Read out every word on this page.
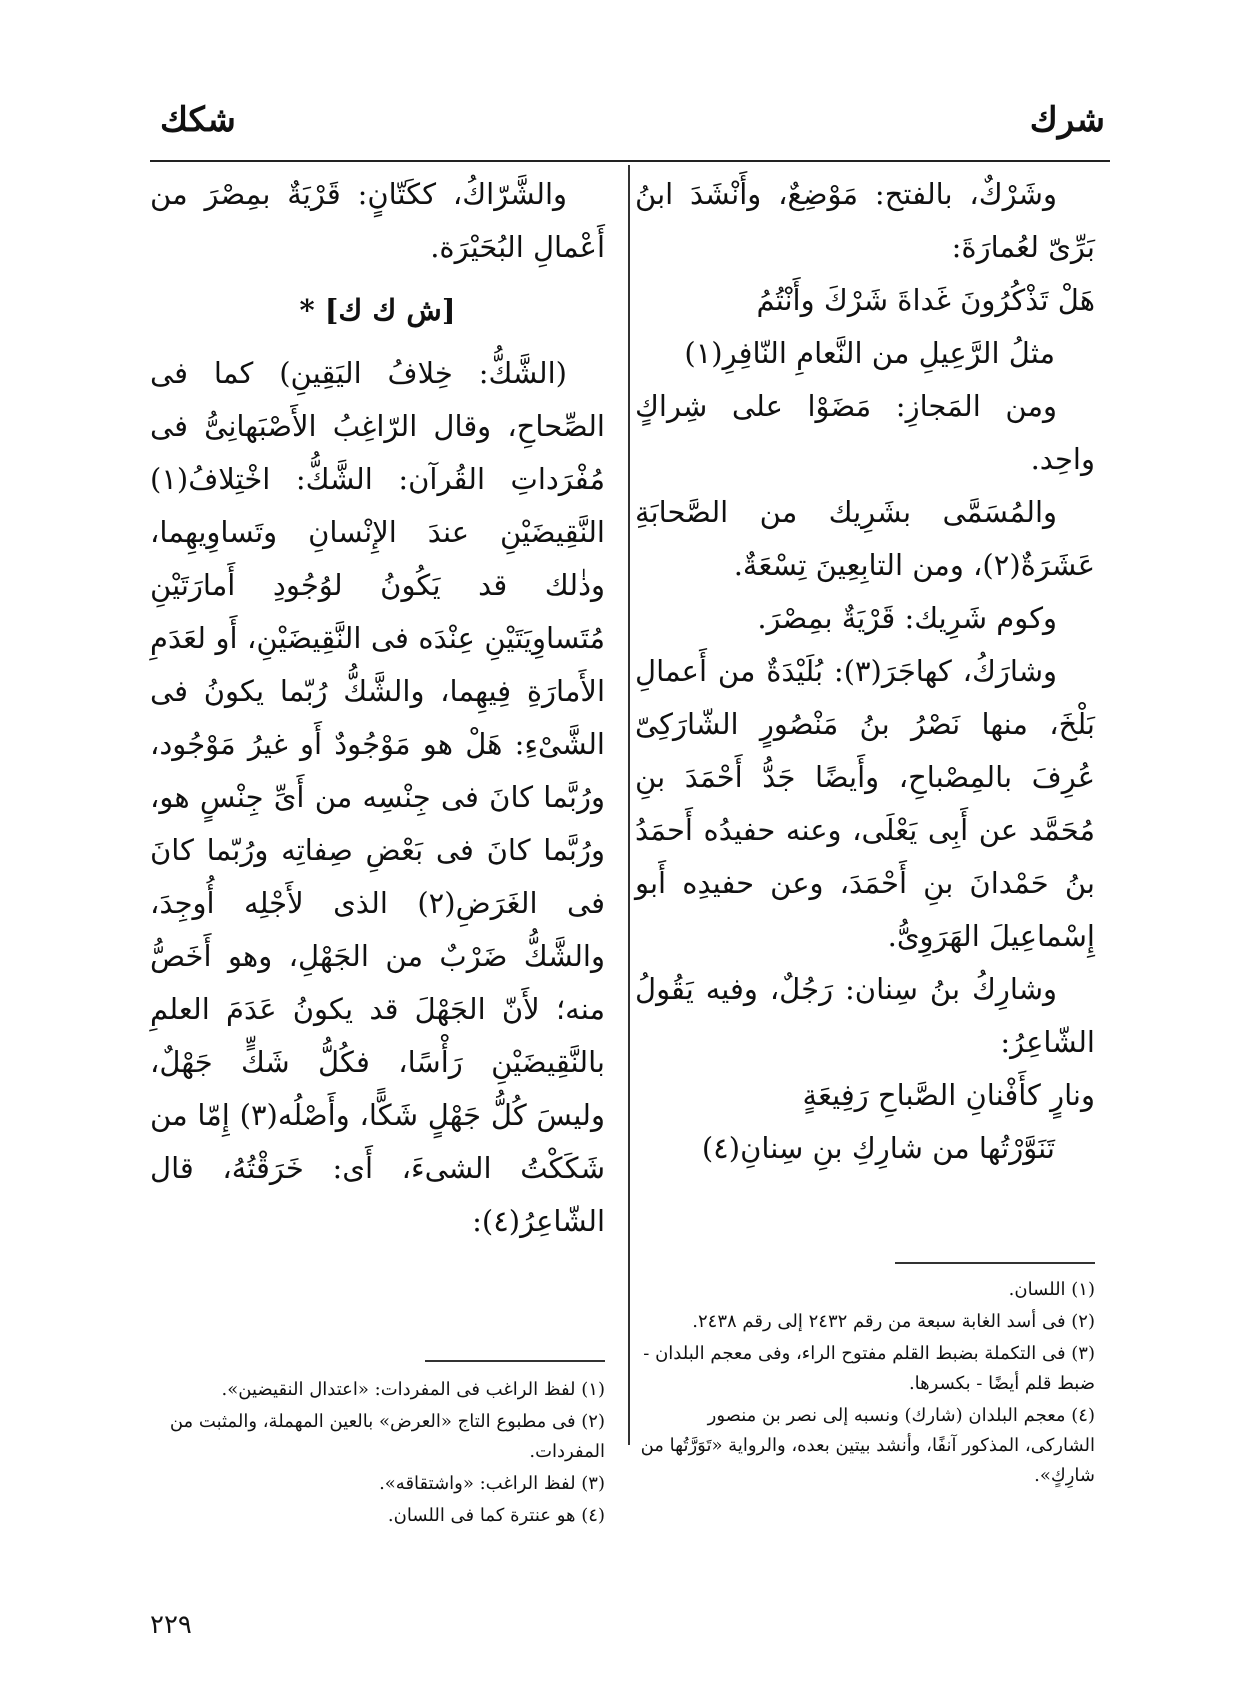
شرك
شكك

وشَرْكٌ، بالفتح: مَوْضِعٌ، وأَنْشَدَ ابنُ بَرِّىّ لعُمارَةَ:

هَلْ تَذْكُرُونَ غَداةَ شَرْكَ وأَنْتُمُ

مثلُ الرَّعِيلِ من النَّعامِ النّافِرِ(١)

ومن المَجازِ: مَضَوْا على شِراكٍ واحِد.

والمُسَمَّى بشَرِيك من الصَّحابَةِ عَشَرَةٌ(٢)، ومن التابِعِينَ تِسْعَةٌ.

وكوم شَرِيك: قَرْيَةٌ بمِصْرَ.

وشارَكُ، كهاجَرَ(٣): بُلَيْدَةٌ من أَعمالِ بَلْخَ، منها نَصْرُ بنُ مَنْصُورٍ الشّارَكِىّ عُرِفَ بالمِصْباحِ، وأَيضًا جَدُّ أَحْمَدَ بنِ مُحَمَّد عن أَبِى يَعْلَى، وعنه حفيدُه أَحمَدُ بنُ حَمْدانَ بنِ أَحْمَدَ، وعن حفيدِه أَبو إِسْماعِيلَ الهَرَوِىُّ.

وشارِكُ بنُ سِنان: رَجُلٌ، وفيه يَقُولُ الشّاعِرُ:

ونارٍ كأَفْنانِ الصَّباحِ رَفِيعَةٍ

تَنَوَّرْتُها من شارِكِ بنِ سِنانِ(٤)

والشَّرّاكُ، ككَتّانٍ: قَرْيَةٌ بمِصْرَ من أَعْمالِ البُحَيْرَة.

[ش ك ك] *

(الشَّكُّ: خِلافُ اليَقِينِ) كما فى الصِّحاحِ، وقال الرّاغِبُ الأَصْبَهانِىُّ فى مُفْرَداتِ القُرآن: الشَّكُّ: اخْتِلافُ(١) النَّقِيضَيْنِ عندَ الإِنْسانِ وتَساوِيهِما، وذٰلك قد يَكُونُ لوُجُودِ أَمارَتَيْنِ مُتَساوِيَتَيْنِ عِنْدَه فى النَّقِيضَيْنِ، أَو لعَدَمِ الأَمارَةِ فِيهِما، والشَّكُّ رُبّما يكونُ فى الشَّىْءِ: هَلْ هو مَوْجُودٌ أَو غيرُ مَوْجُود، ورُبَّما كانَ فى جِنْسِه من أَىِّ جِنْسٍ هو، ورُبَّما كانَ فى بَعْضِ صِفاتِه ورُبّما كانَ فى الغَرَضِ(٢) الذى لأَجْلِه أُوجِدَ، والشَّكُّ ضَرْبٌ من الجَهْلِ، وهو أَخَصُّ منه؛ لأَنّ الجَهْلَ قد يكونُ عَدَمَ العلمِ بالنَّقِيضَيْنِ رَأْسًا، فكُلُّ شَكٍّ جَهْلٌ، وليسَ كُلُّ جَهْلٍ شَكًّا، وأَصْلُه(٣) إِمّا من شَكَكْتُ الشىءَ، أَى: خَرَقْتُهُ، قال الشّاعِرُ(٤):

(١) اللسان.

(٢) فى أسد الغابة سبعة من رقم ٢٤٣٢ إلى رقم ٢٤٣٨.

(٣) فى التكملة بضبط القلم مفتوح الراء، وفى معجم البلدان - ضبط قلم أيضًا - بكسرها.

(٤) معجم البلدان (شارك) ونسبه إلى نصر بن منصور الشاركى، المذكور آنفًا، وأنشد بيتين بعده، والرواية «تَوَرَّتُها من شارِكٍ».

(١) لفظ الراغب فى المفردات: «اعتدال النقيضين».

(٢) فى مطبوع التاج «العرض» بالعين المهملة، والمثبت من المفردات.

(٣) لفظ الراغب: «واشتقاقه».

(٤) هو عنترة كما فى اللسان.

٢٢٩
